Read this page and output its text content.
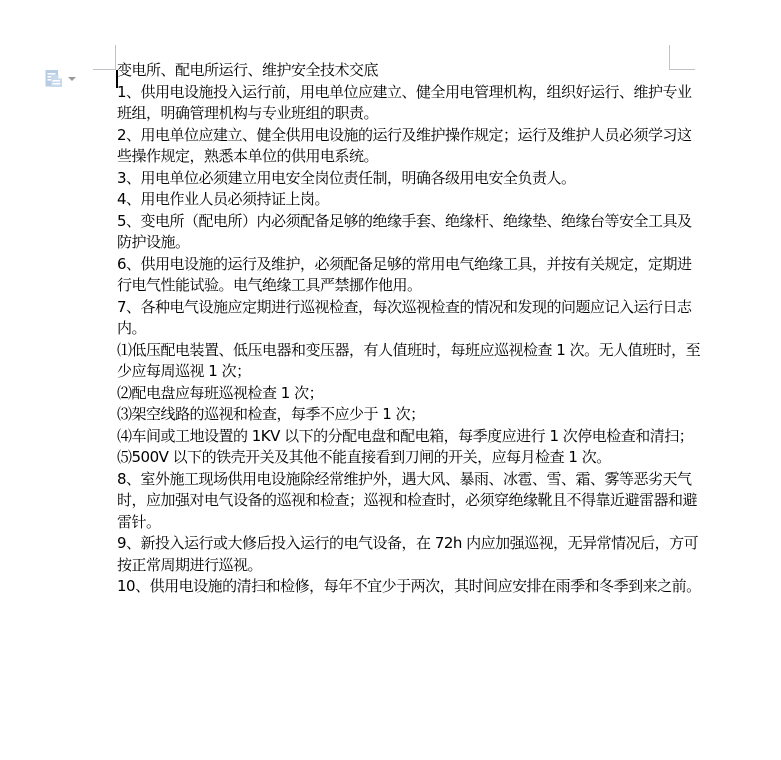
变电所、配电所运行、维护安全技术交底
1、供用电设施投入运行前，用电单位应建立、健全用电管理机构，组织好运行、维护专业
班组，明确管理机构与专业班组的职责。
2、用电单位应建立、健全供用电设施的运行及维护操作规定；运行及维护人员必须学习这
些操作规定，熟悉本单位的供用电系统。
3、用电单位必须建立用电安全岗位责任制，明确各级用电安全负责人。
4、用电作业人员必须持证上岗。
5、变电所（配电所）内必须配备足够的绝缘手套、绝缘杆、绝缘垫、绝缘台等安全工具及
防护设施。
6、供用电设施的运行及维护，必须配备足够的常用电气绝缘工具，并按有关规定，定期进
行电气性能试验。电气绝缘工具严禁挪作他用。
7、各种电气设施应定期进行巡视检查，每次巡视检查的情况和发现的问题应记入运行日志
内。
⑴低压配电装置、低压电器和变压器，有人值班时，每班应巡视检查 1 次。无人值班时，至
少应每周巡视 1 次；
⑵配电盘应每班巡视检查 1 次；
⑶架空线路的巡视和检查，每季不应少于 1 次；
⑷车间或工地设置的 1KV 以下的分配电盘和配电箱，每季度应进行 1 次停电检查和清扫；
⑸500V 以下的铁壳开关及其他不能直接看到刀闸的开关，应每月检查 1 次。
8、室外施工现场供用电设施除经常维护外，遇大风、暴雨、冰雹、雪、霜、雾等恶劣天气
时，应加强对电气设备的巡视和检查；巡视和检查时，必须穿绝缘靴且不得靠近避雷器和避
雷针。
9、新投入运行或大修后投入运行的电气设备，在 72h 内应加强巡视，无异常情况后，方可
按正常周期进行巡视。
10、供用电设施的清扫和检修，每年不宜少于两次，其时间应安排在雨季和冬季到来之前。
